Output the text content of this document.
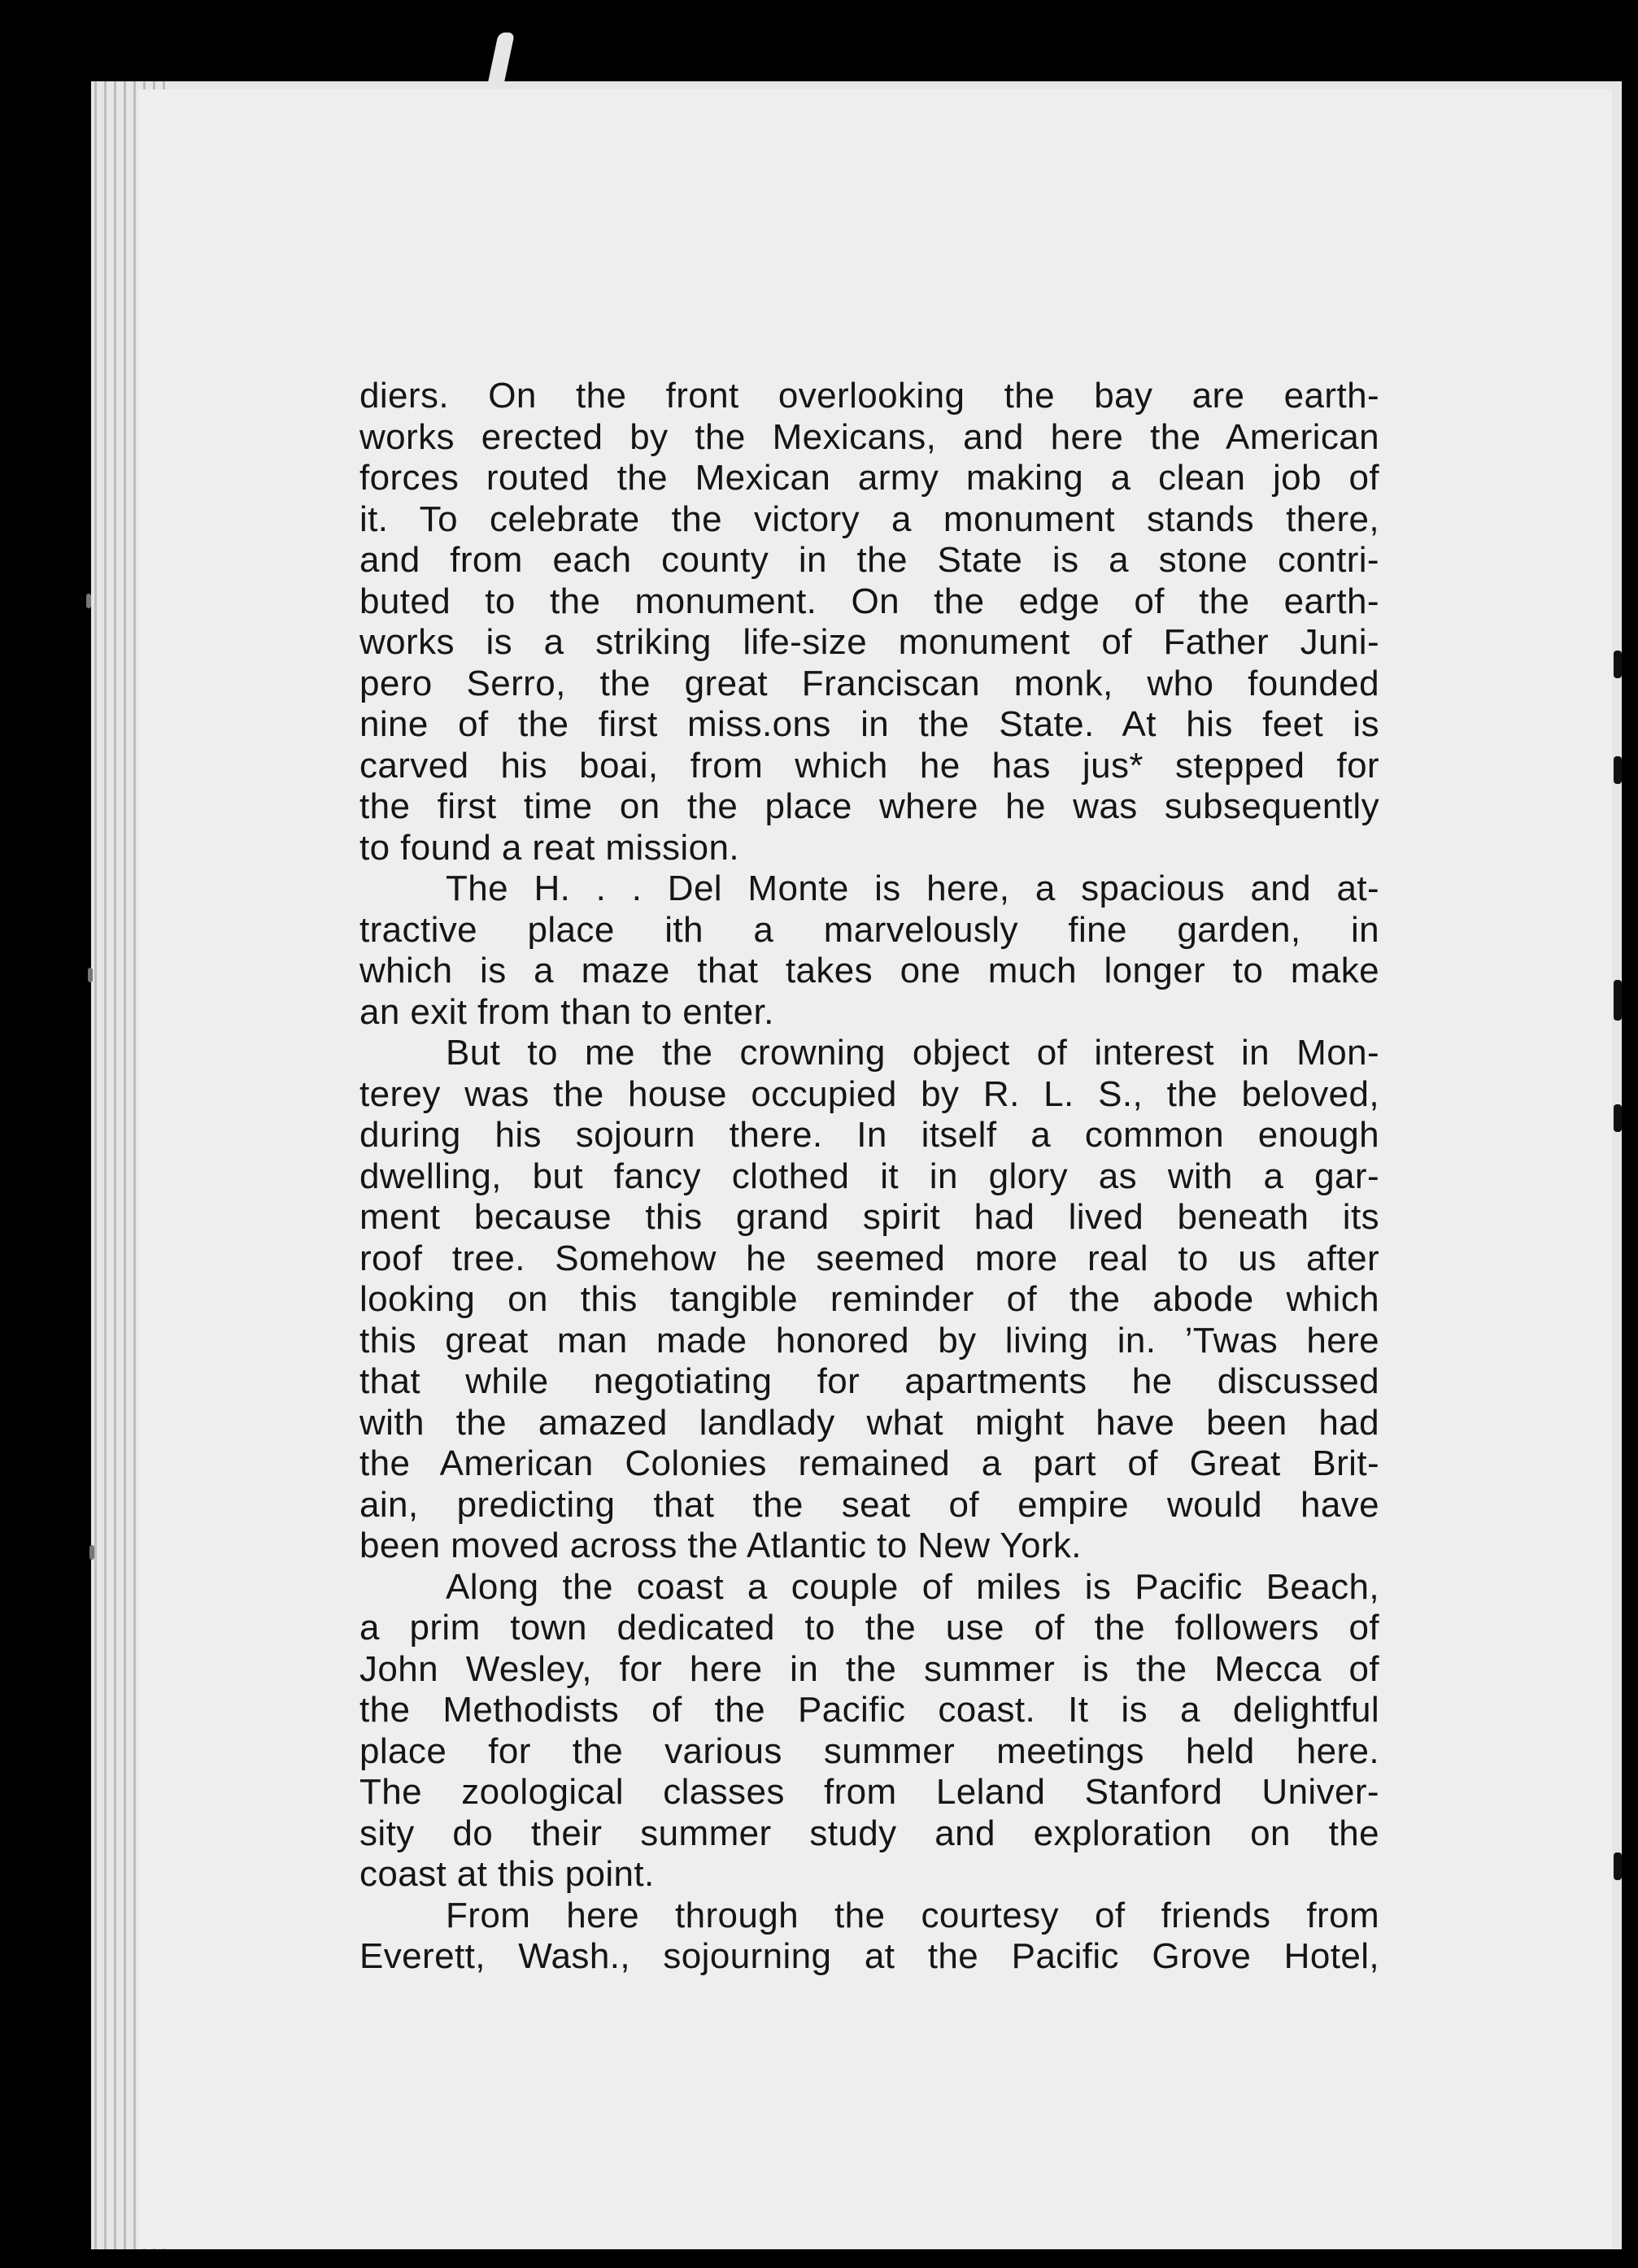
diers. On the front overlooking the bay are earth-
works erected by the Mexicans, and here the American
forces routed the Mexican army making a clean job of
it. To celebrate the victory a monument stands there,
and from each county in the State is a stone contri-
buted to the monument. On the edge of the earth-
works is a striking life-size monument of Father Juni-
pero Serro, the great Franciscan monk, who founded
nine of the first miss.ons in the State. At his feet is
carved his boai, from which he has jus* stepped for
the first time on the place where he was subsequently
to found a reat mission.
The H. . . Del Monte is here, a spacious and at-
tractive place ith a marvelously fine garden, in
which is a maze that takes one much longer to make
an exit from than to enter.
But to me the crowning object of interest in Mon-
terey was the house occupied by R. L. S., the beloved,
during his sojourn there. In itself a common enough
dwelling, but fancy clothed it in glory as with a gar-
ment because this grand spirit had lived beneath its
roof tree. Somehow he seemed more real to us after
looking on this tangible reminder of the abode which
this great man made honored by living in. ’Twas here
that while negotiating for apartments he discussed
with the amazed landlady what might have been had
the American Colonies remained a part of Great Brit-
ain, predicting that the seat of empire would have
been moved across the Atlantic to New York.
Along the coast a couple of miles is Pacific Beach,
a prim town dedicated to the use of the followers of
John Wesley, for here in the summer is the Mecca of
the Methodists of the Pacific coast. It is a delightful
place for the various summer meetings held here.
The zoological classes from Leland Stanford Univer-
sity do their summer study and exploration on the
coast at this point.
From here through the courtesy of friends from
Everett, Wash., sojourning at the Pacific Grove Hotel,
